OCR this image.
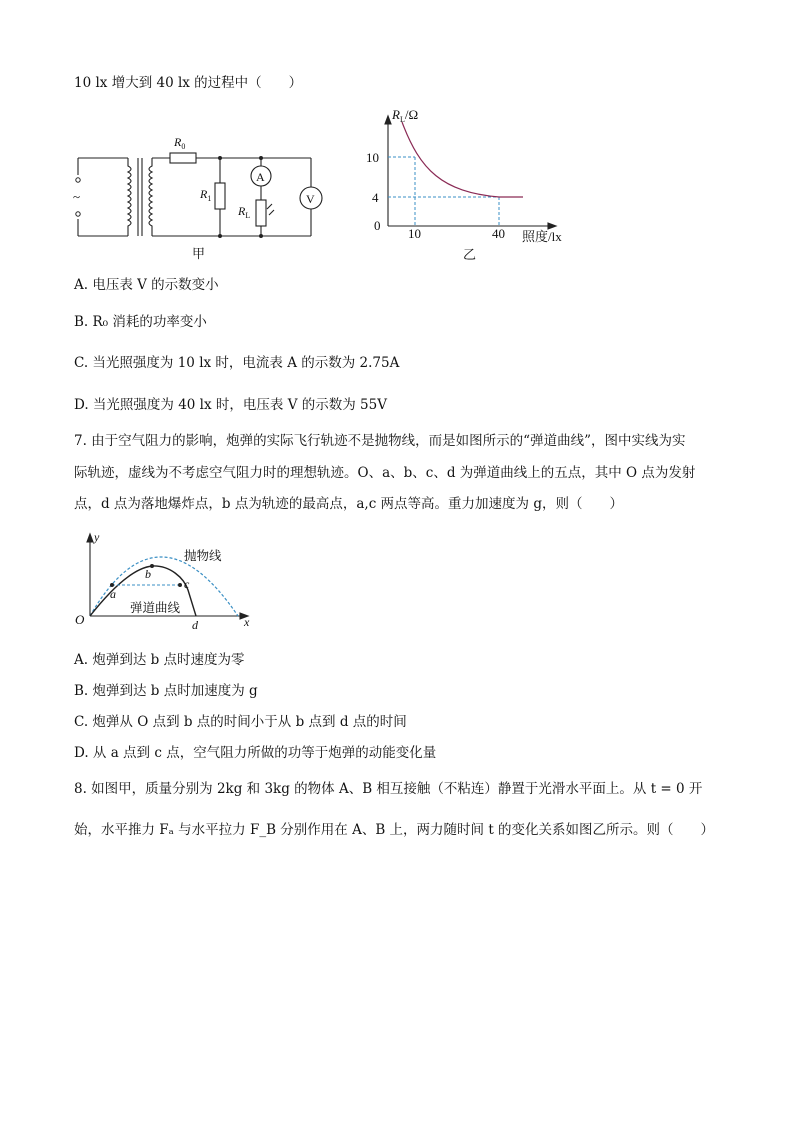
10 lx 增大到 40 lx 的过程中（　　）
~
$R_0$
$R_1$
$R_L$
A
V
甲
$R_L/\Omega$
10
4
0
10	40 照度/lx
乙
A. 电压表 V 的示数变小
B. R₀ 消耗的功率变小
C. 当光照强度为 10 lx 时，电流表 A 的示数为 2.75A
D. 当光照强度为 40 lx 时，电压表 V 的示数为 55V
7. 由于空气阻力的影响，炮弹的实际飞行轨迹不是抛物线，而是如图所示的“弹道曲线”，图中实线为实
际轨迹，虚线为不考虑空气阻力时的理想轨迹。O、a、b、c、d 为弹道曲线上的五点，其中 O 点为发射
点，d 点为落地爆炸点，b 点为轨迹的最高点，a,c 两点等高。重力加速度为 g，则（　　）
y
x
O
a
b
c
d
抛物线
弹道曲线
A. 炮弹到达 b 点时速度为零
B. 炮弹到达 b 点时加速度为 g
C. 炮弹从 O 点到 b 点的时间小于从 b 点到 d 点的时间
D. 从 a 点到 c 点，空气阻力所做的功等于炮弹的动能变化量
8. 如图甲，质量分别为 2kg 和 3kg 的物体 A、B 相互接触（不粘连）静置于光滑水平面上。从 t = 0 开
始，水平推力 Fₐ 与水平拉力 F_B 分别作用在 A、B 上，两力随时间 t 的变化关系如图乙所示。则（　　）
